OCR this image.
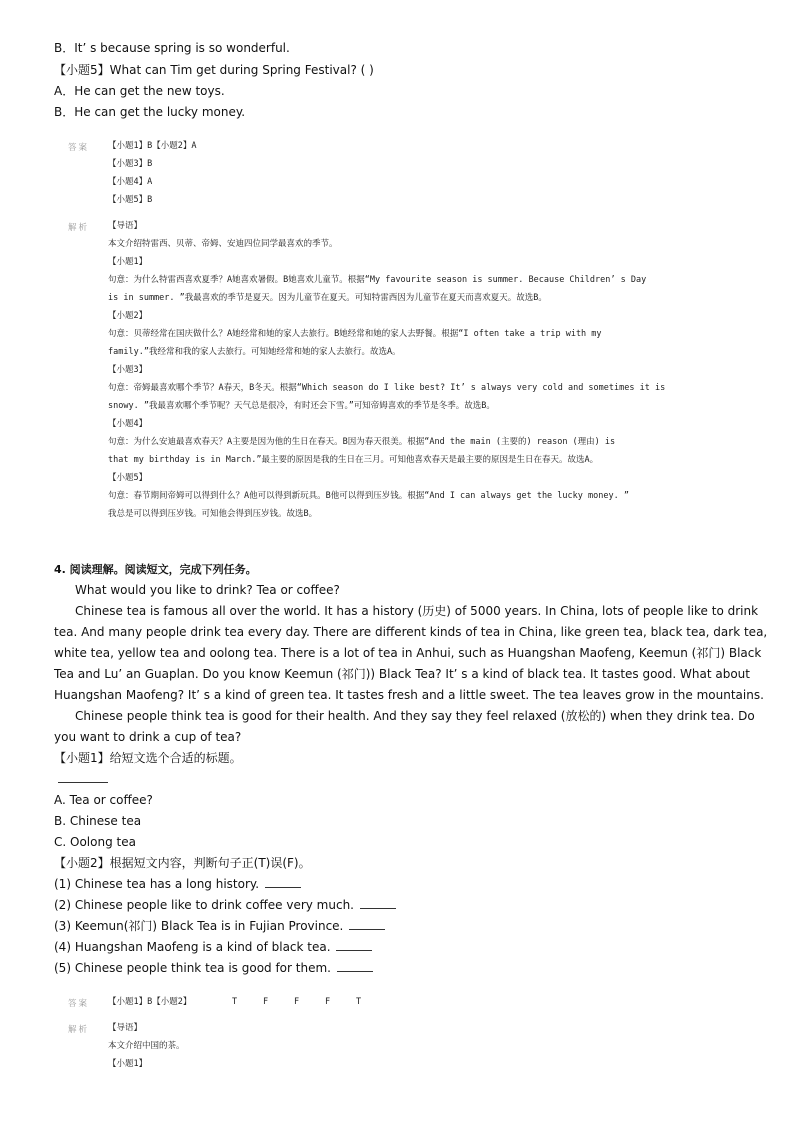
B．It’ s because spring is so wonderful.
【小题5】What can Tim get during Spring Festival? ( )
A．He can get the new toys.
B．He can get the lucky money.
答案 【小题1】B【小题2】A
【小题3】B
【小题4】A
【小题5】B
解析 【导语】
本文介绍特雷西、贝蒂、帝姆、安迪四位同学最喜欢的季节。
【小题1】
句意：为什么特雷西喜欢夏季？A她喜欢暑假。B她喜欢儿童节。根据“My favourite season is summer. Because Children’ s Day
is in summer. ”我最喜欢的季节是夏天。因为儿童节在夏天。可知特雷西因为儿童节在夏天而喜欢夏天。故选B。
【小题2】
句意：贝蒂经常在国庆做什么？A她经常和她的家人去旅行。B她经常和她的家人去野餐。根据“I often take a trip with my
family.”我经常和我的家人去旅行。可知她经常和她的家人去旅行。故选A。
【小题3】
句意：帝姆最喜欢哪个季节？A春天，B冬天。根据“Which season do I like best? It’ s always very cold and sometimes it is
snowy. ”我最喜欢哪个季节呢？天气总是很冷，有时还会下雪。”可知帝姆喜欢的季节是冬季。故选B。
【小题4】
句意：为什么安迪最喜欢春天？A主要是因为他的生日在春天。B因为春天很美。根据“And the main (主要的) reason (理由) is
that my birthday is in March.”最主要的原因是我的生日在三月。可知他喜欢春天是最主要的原因是生日在春天。故选A。
【小题5】
句意：春节期间帝姆可以得到什么？A他可以得到新玩具。B他可以得到压岁钱。根据“And I can always get the lucky money. ”
我总是可以得到压岁钱。可知他会得到压岁钱。故选B。
4. 阅读理解。阅读短文，完成下列任务。
What would you like to drink? Tea or coffee?
Chinese tea is famous all over the world. It has a history (历史) of 5000 years. In China, lots of people like to drink
tea. And many people drink tea every day. There are different kinds of tea in China, like green tea, black tea, dark tea,
white tea, yellow tea and oolong tea. There is a lot of tea in Anhui, such as Huangshan Maofeng, Keemun (祁门) Black
Tea and Lu’ an Guaplan. Do you know Keemun (祁门)) Black Tea? It’ s a kind of black tea. It tastes good. What about
Huangshan Maofeng? It’ s a kind of green tea. It tastes fresh and a little sweet. The tea leaves grow in the mountains.
Chinese people think tea is good for their health. And they say they feel relaxed (放松的) when they drink tea. Do
you want to drink a cup of tea?
【小题1】给短文选个合适的标题。
A. Tea or coffee?
B. Chinese tea
C. Oolong tea
【小题2】根据短文内容，判断句子正(T)误(F)。
(1) Chinese tea has a long history.
(2) Chinese people like to drink coffee very much.
(3) Keemun(祁门) Black Tea is in Fujian Province.
(4) Huangshan Maofeng is a kind of black tea.
(5) Chinese people think tea is good for them.
答案 【小题1】B【小题2】	T	F	F	F	T
解析 【导语】
本文介绍中国的茶。
【小题1】
